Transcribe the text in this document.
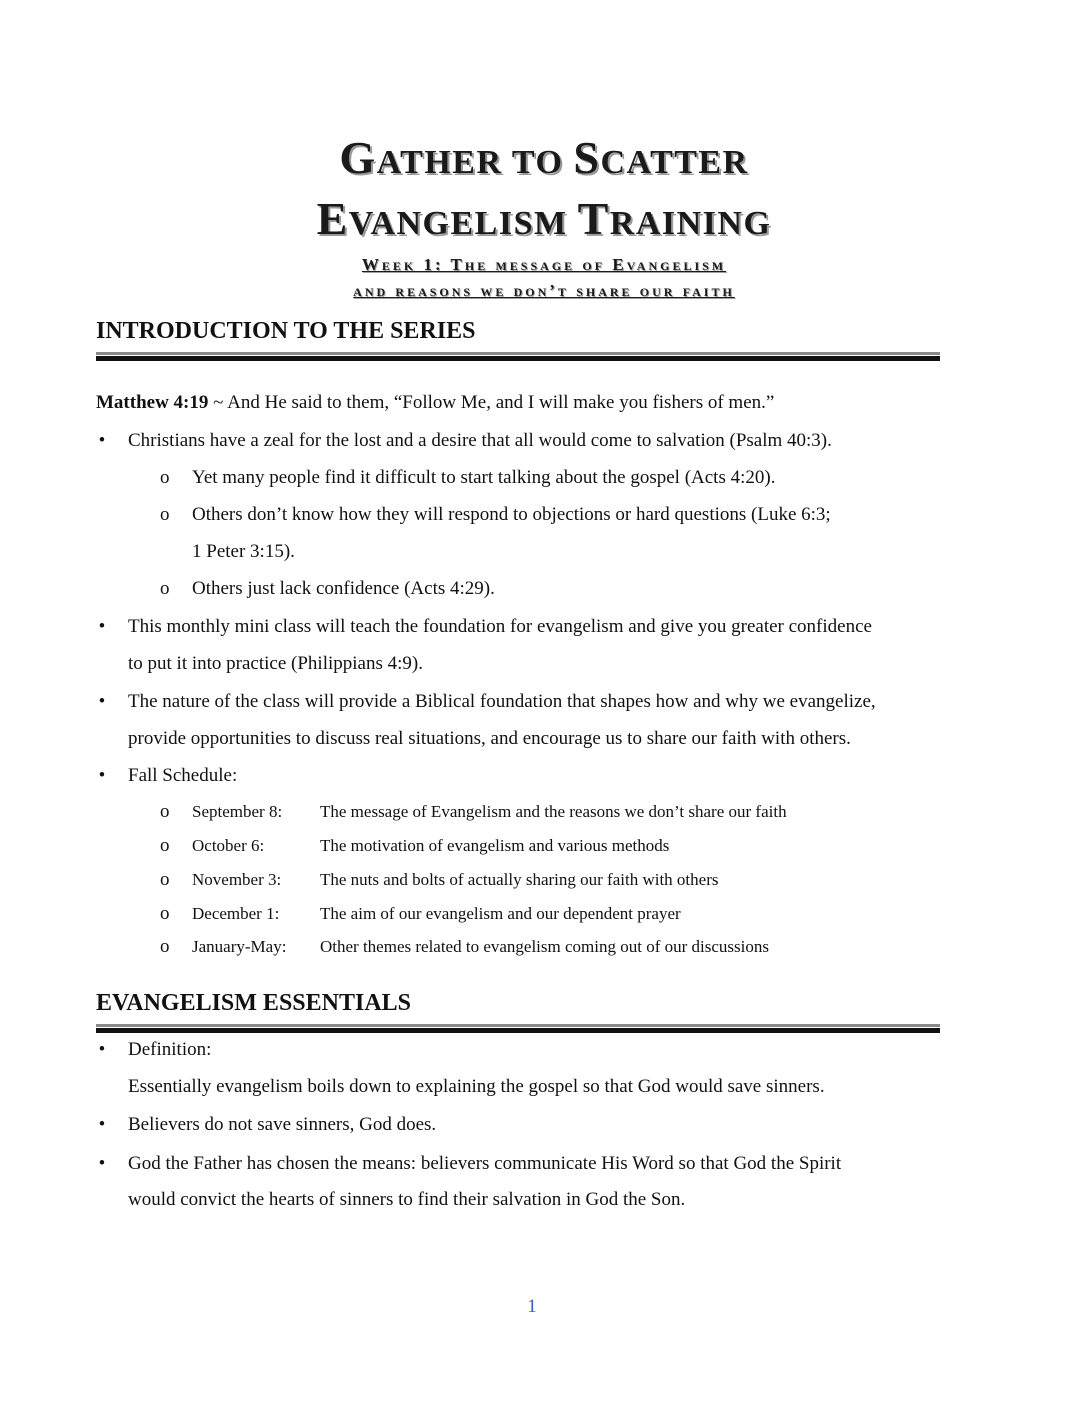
GATHER TO SCATTER
EVANGELISM TRAINING
Week 1: The message of Evangelism
and reasons we don’t share our faith
INTRODUCTION TO THE SERIES
Matthew 4:19 ~ And He said to them, “Follow Me, and I will make you fishers of men.”
• Christians have a zeal for the lost and a desire that all would come to salvation (Psalm 40:3).
o Yet many people find it difficult to start talking about the gospel (Acts 4:20).
o Others don’t know how they will respond to objections or hard questions (Luke 6:3;
1 Peter 3:15).
o Others just lack confidence (Acts 4:29).
• This monthly mini class will teach the foundation for evangelism and give you greater confidence
to put it into practice (Philippians 4:9).
• The nature of the class will provide a Biblical foundation that shapes how and why we evangelize,
provide opportunities to discuss real situations, and encourage us to share our faith with others.
• Fall Schedule:
o September 8: The message of Evangelism and the reasons we don’t share our faith
o October 6:	The motivation of evangelism and various methods
o November 3: The nuts and bolts of actually sharing our faith with others
o December 1: The aim of our evangelism and our dependent prayer
o January-May: Other themes related to evangelism coming out of our discussions
EVANGELISM ESSENTIALS
• Definition:
Essentially evangelism boils down to explaining the gospel so that God would save sinners.
• Believers do not save sinners, God does.
• God the Father has chosen the means: believers communicate His Word so that God the Spirit
would convict the hearts of sinners to find their salvation in God the Son.
1
